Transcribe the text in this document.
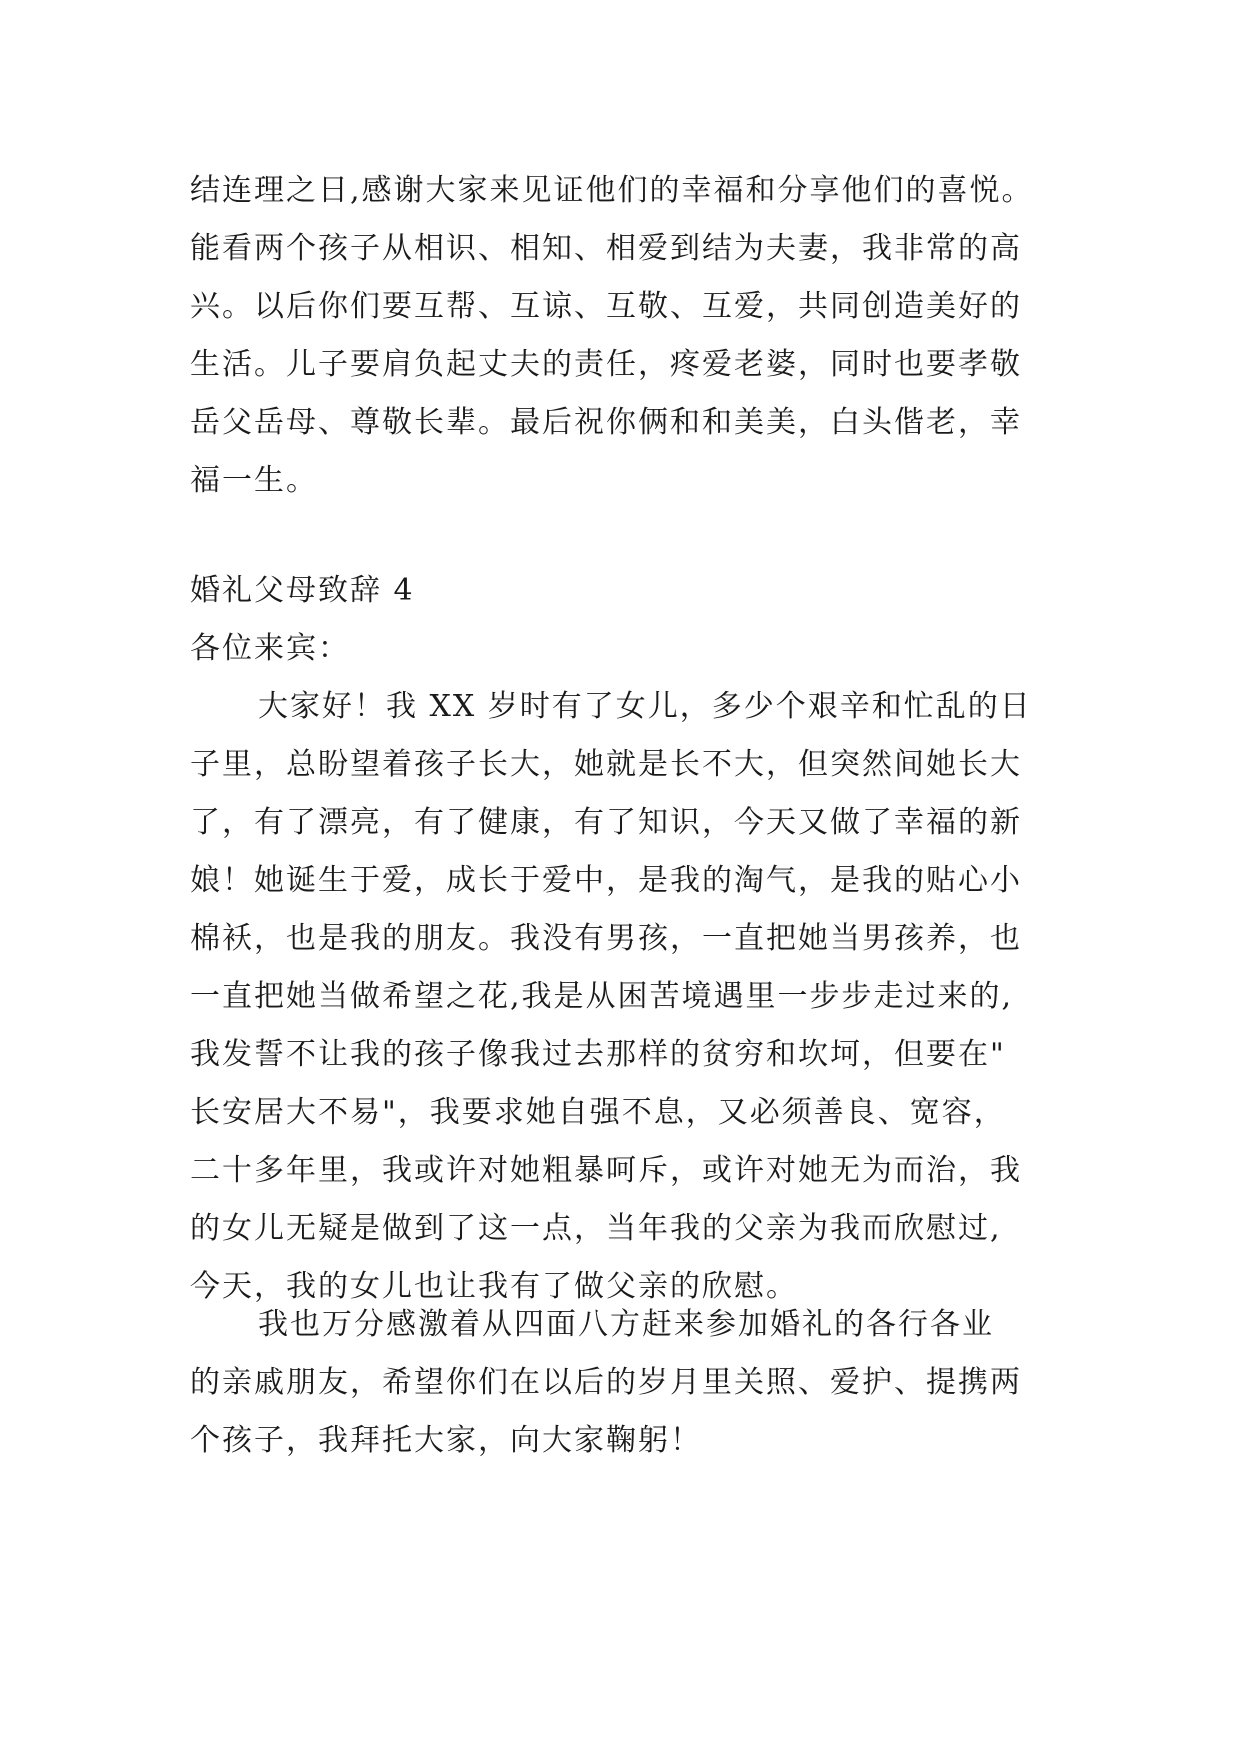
结连理之日,感谢大家来见证他们的幸福和分享他们的喜悦。
能看两个孩子从相识、相知、相爱到结为夫妻，我非常的高
兴。以后你们要互帮、互谅、互敬、互爱，共同创造美好的
生活。儿子要肩负起丈夫的责任，疼爱老婆，同时也要孝敬
岳父岳母、尊敬长辈。最后祝你俩和和美美，白头偕老，幸
福一生。
婚礼父母致辞 4
各位来宾：
大家好！我 XX 岁时有了女儿，多少个艰辛和忙乱的日
子里，总盼望着孩子长大，她就是长不大，但突然间她长大
了，有了漂亮，有了健康，有了知识，今天又做了幸福的新
娘！她诞生于爱，成长于爱中，是我的淘气，是我的贴心小
棉袄，也是我的朋友。我没有男孩，一直把她当男孩养，也
一直把她当做希望之花,我是从困苦境遇里一步步走过来的,
我发誓不让我的孩子像我过去那样的贫穷和坎坷，但要在"
长安居大不易"，我要求她自强不息，又必须善良、宽容，
二十多年里，我或许对她粗暴呵斥，或许对她无为而治，我
的女儿无疑是做到了这一点，当年我的父亲为我而欣慰过,
今天，我的女儿也让我有了做父亲的欣慰。
我也万分感激着从四面八方赶来参加婚礼的各行各业
的亲戚朋友，希望你们在以后的岁月里关照、爱护、提携两
个孩子，我拜托大家，向大家鞠躬！
